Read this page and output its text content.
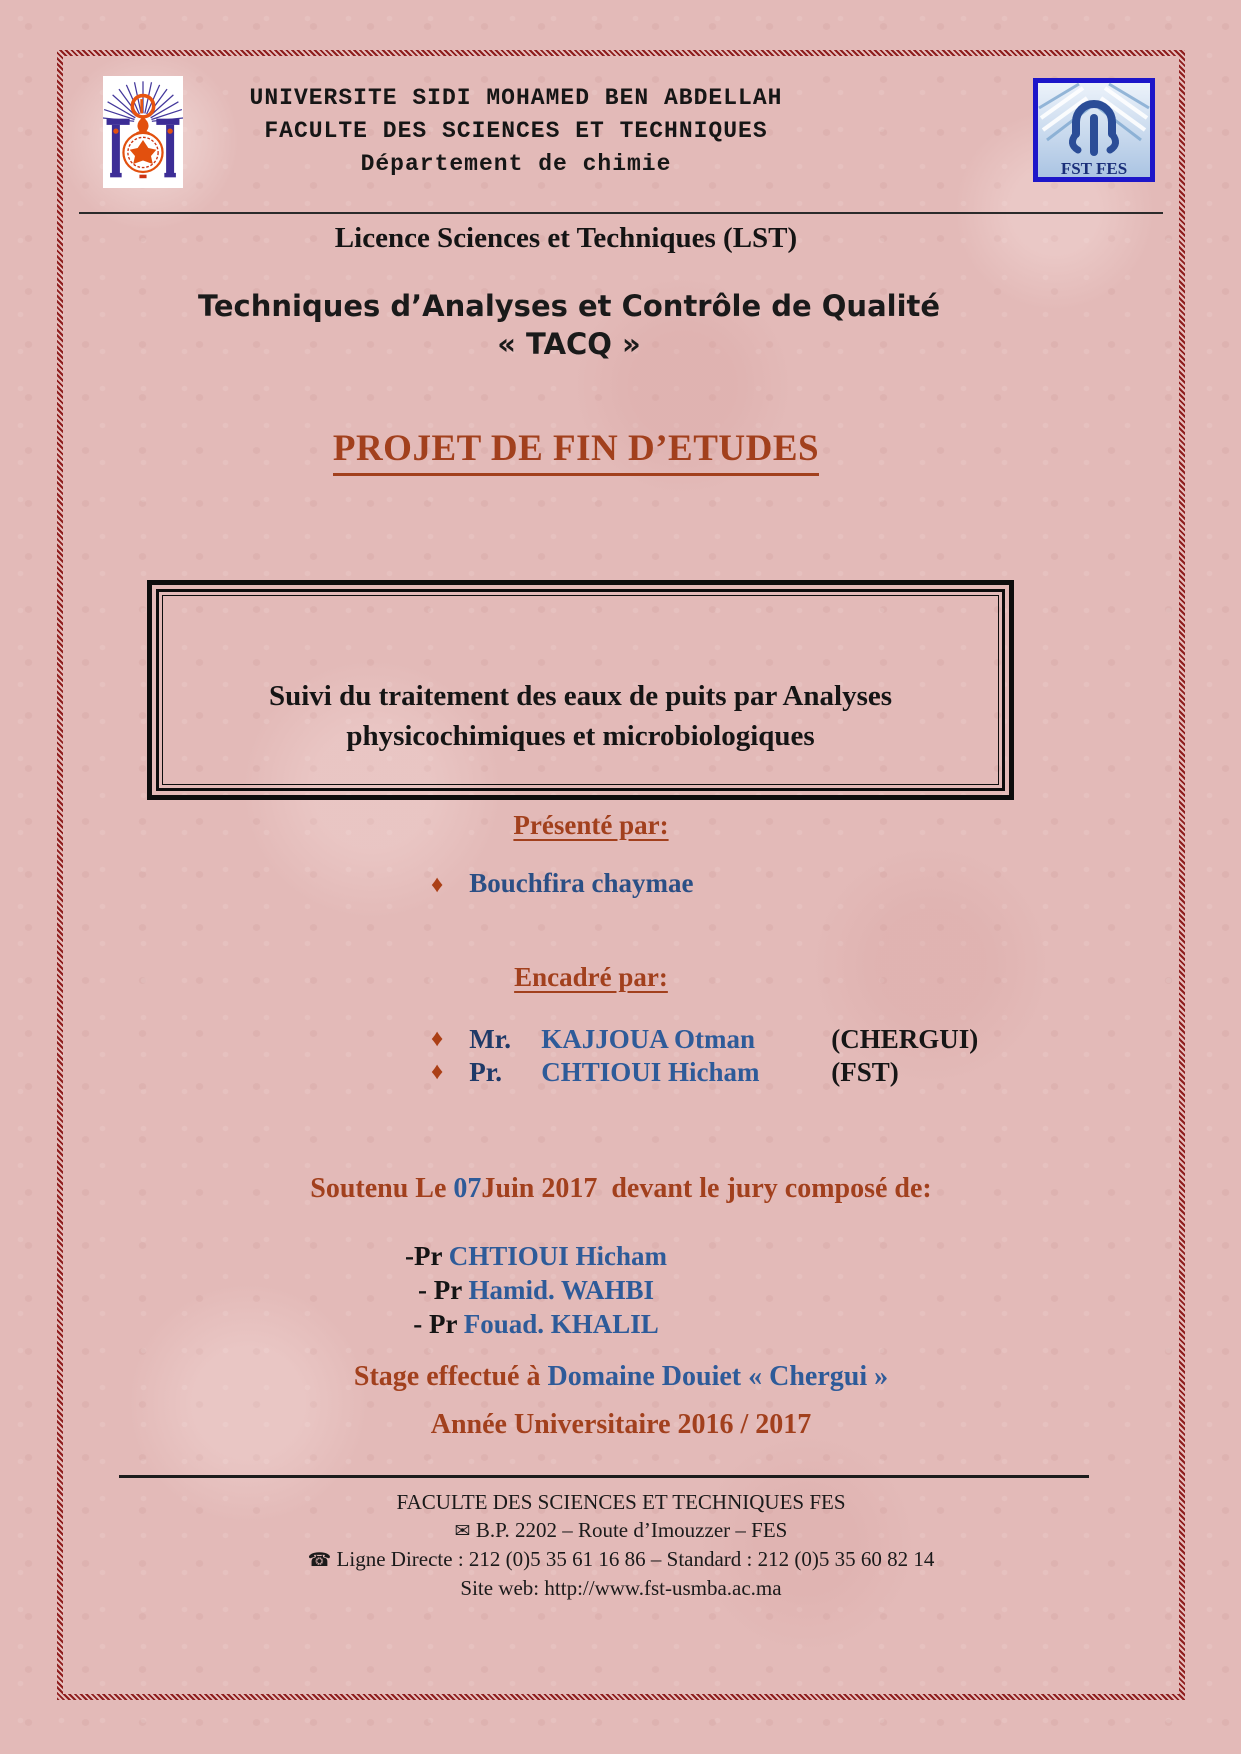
UNIVERSITE SIDI MOHAMED BEN ABDELLAH
FACULTE DES SCIENCES ET TECHNIQUES
Département de chimie	FST FES
Licence Sciences et Techniques (LST)
Techniques d’Analyses et Contrôle de Qualité
« TACQ »
PROJET DE FIN D’ETUDES
Suivi du traitement des eaux de puits par Analyses
physicochimiques et microbiologiques
Présenté par:
♦ Bouchfira chaymae
Encadré par:
♦ Mr. KAJJOUA Otman	(CHERGUI)
♦ Pr. CHTIOUI Hicham	(FST)
Soutenu Le 07Juin 2017  devant le jury composé de:
-Pr CHTIOUI Hicham
- Pr Hamid. WAHBI
- Pr Fouad. KHALIL
Stage effectué à Domaine Douiet « Chergui »
Année Universitaire 2016 / 2017
FACULTE DES SCIENCES ET TECHNIQUES FES
✉ B.P. 2202 – Route d’Imouzzer – FES
☎ Ligne Directe : 212 (0)5 35 61 16 86 – Standard : 212 (0)5 35 60 82 14
Site web: http://www.fst-usmba.ac.ma
